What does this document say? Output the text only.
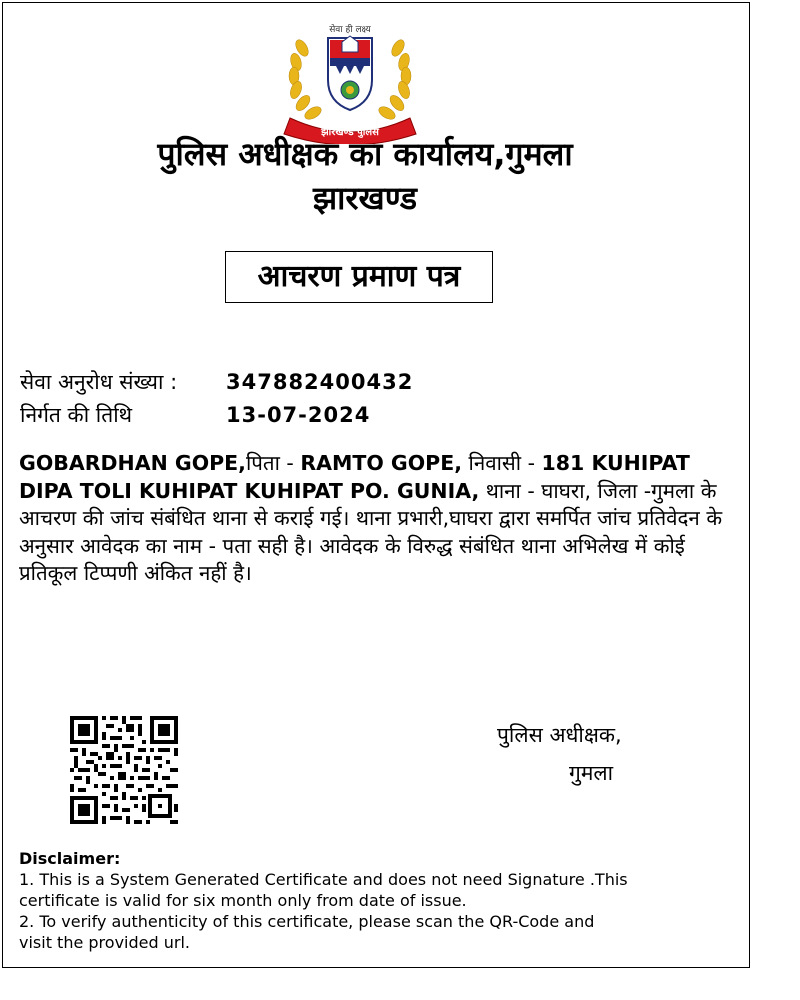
सेवा ही लक्ष्य
झारखण्ड पुलिस
पुलिस अधीक्षक का कार्यालय,गुमला
झारखण्ड
आचरण प्रमाण पत्र
सेवा अनुरोध संख्या : 347882400432
निर्गत की तिथि	13-07-2024
GOBARDHAN GOPE,पिता - RAMTO GOPE, निवासी - 181 KUHIPAT DIPA TOLI KUHIPAT KUHIPAT PO. GUNIA, थाना - घाघरा, जिला -गुमला के आचरण की जांच संबंधित थाना से कराई गई। थाना प्रभारी,घाघरा द्वारा समर्पित जांच प्रतिवेदन के अनुसार आवेदक का नाम - पता सही है। आवेदक के विरुद्ध संबंधित थाना अभिलेख में कोई प्रतिकूल टिप्पणी अंकित नहीं है।
पुलिस अधीक्षक,
गुमला
Disclaimer:
1. This is a System Generated Certificate and does not need Signature .This
certificate is valid for six month only from date of issue.
2. To verify authenticity of this certificate, please scan the QR-Code and
visit the provided url.
